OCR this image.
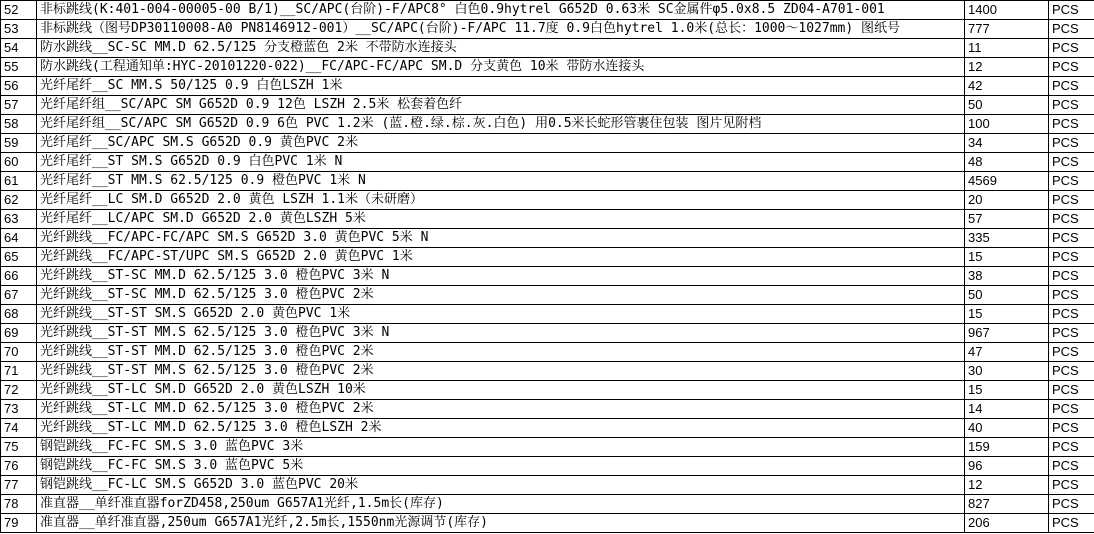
52	非标跳线(K:401-004-00005-00 B/1)__SC/APC(台阶)-F/APC8° 白色0.9hytrel G652D 0.63米 SC金属件φ5.0x8.5 ZD04-A701-001	1400	PCS
53	非标跳线（图号DP30110008-A0 PN8146912-001）__SC/APC(台阶)-F/APC 11.7度 0.9白色hytrel 1.0米(总长：1000～1027mm) 图纸号	777	PCS
54	防水跳线__SC-SC MM.D 62.5/125 分支橙蓝色 2米 不带防水连接头	11	PCS
55	防水跳线(工程通知单:HYC-20101220-022)__FC/APC-FC/APC SM.D 分支黄色 10米 带防水连接头	12	PCS
56	光纤尾纤__SC MM.S 50/125 0.9 白色LSZH 1米	42	PCS
57	光纤尾纤组__SC/APC SM G652D 0.9 12色 LSZH 2.5米 松套着色纤	50	PCS
58	光纤尾纤组__SC/APC SM G652D 0.9 6色 PVC 1.2米 (蓝.橙.绿.棕.灰.白色) 用0.5米长蛇形管裹住包装 图片见附档	100	PCS
59	光纤尾纤__SC/APC SM.S G652D 0.9 黄色PVC 2米	34	PCS
60	光纤尾纤__ST SM.S G652D 0.9 白色PVC 1米 N	48	PCS
61	光纤尾纤__ST MM.S 62.5/125 0.9 橙色PVC 1米 N	4569	PCS
62	光纤尾纤__LC SM.D G652D 2.0 黄色 LSZH 1.1米（未研磨）	20	PCS
63	光纤尾纤__LC/APC SM.D G652D 2.0 黄色LSZH 5米	57	PCS
64	光纤跳线__FC/APC-FC/APC SM.S G652D 3.0 黄色PVC 5米 N	335	PCS
65	光纤跳线__FC/APC-ST/UPC SM.S G652D 2.0 黄色PVC 1米	15	PCS
66	光纤跳线__ST-SC MM.D 62.5/125 3.0 橙色PVC 3米 N	38	PCS
67	光纤跳线__ST-SC MM.D 62.5/125 3.0 橙色PVC 2米	50	PCS
68	光纤跳线__ST-ST SM.S G652D 2.0 黄色PVC 1米	15	PCS
69	光纤跳线__ST-ST MM.S 62.5/125 3.0 橙色PVC 3米 N	967	PCS
70	光纤跳线__ST-ST MM.D 62.5/125 3.0 橙色PVC 2米	47	PCS
71	光纤跳线__ST-ST MM.S 62.5/125 3.0 橙色PVC 2米	30	PCS
72	光纤跳线__ST-LC SM.D G652D 2.0 黄色LSZH 10米	15	PCS
73	光纤跳线__ST-LC MM.D 62.5/125 3.0 橙色PVC 2米	14	PCS
74	光纤跳线__ST-LC MM.D 62.5/125 3.0 橙色LSZH 2米	40	PCS
75	钢铠跳线__FC-FC SM.S 3.0 蓝色PVC 3米	159	PCS
76	钢铠跳线__FC-FC SM.S 3.0 蓝色PVC 5米	96	PCS
77	钢铠跳线__FC-LC SM.S G652D 3.0 蓝色PVC 20米	12	PCS
78	准直器__单纤准直器forZD458,250um G657A1光纤,1.5m长(库存)	827	PCS
79	准直器__单纤准直器,250um G657A1光纤,2.5m长,1550nm光源调节(库存)	206	PCS
